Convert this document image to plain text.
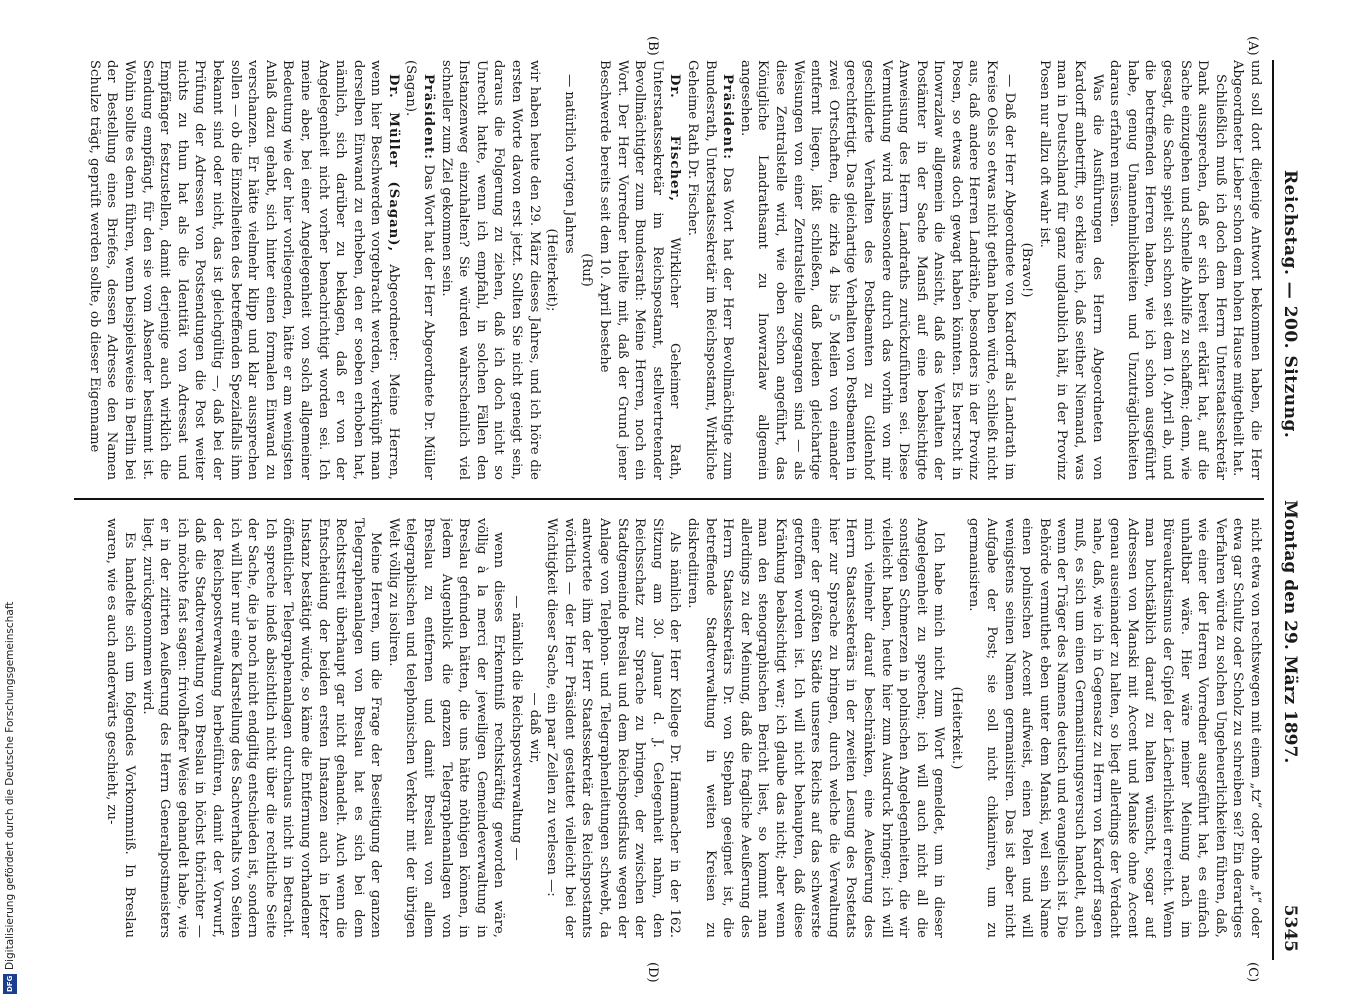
Digitalisierung gefördert durch die Deutsche Forschungsgemeinschaft
DFG
Reichstag. — 200. Sitzung.
Montag den 29. März 1897.
5345
(A)
(B)
(C)
(D)

und soll dort diejenige Antwort bekommen haben, die Herr Abgeordneter Lieber schon dem hohen Hause mitgetheilt hat.

Schließlich muß ich doch dem Herrn Unterstaatssekretär Dank aussprechen, daß er sich bereit erklärt hat, auf die Sache einzugehen und schnelle Abhilfe zu schaffen; denn, wie gesagt, die Sache spielt sich schon seit dem 10. April ab, und die betreffenden Herren haben, wie ich schon ausgeführt habe, genug Unannehmlichkeiten und Unzuträglichkeiten daraus erfahren müssen.

Was die Ausführungen des Herrn Abgeordneten von Kardorff anbetrifft, so erkläre ich, daß seither Niemand, was man in Deutschland für ganz unglaublich hält, in der Provinz Posen nur allzu oft wahr ist.

(Bravo!)

— Daß der Herr Abgeordnete von Kardorff als Landrath im Kreise Oels so etwas nicht gethan haben würde, schließt nicht aus, daß andere Herren Landräthe, besonders in der Provinz Posen, so etwas doch gewagt haben könnten. Es herrscht in Inowrazlaw allgemein die Ansicht, daß das Verhalten der Postämter in der Sache Mansfi auf eine beabsichtigte Anweisung des Herrn Landraths zurückzuführen sei. Diese Vermuthung wird insbesondere durch das vorhin von mir geschilderte Verhalten des Postbeamten zu Gildenhof gerechtfertigt. Das gleichartige Verhalten von Postbeamten in zwei Ortschaften, die zirka 4 bis 5 Meilen von einander entfernt liegen, läßt schließen, daß beiden gleichartige Weisungen von einer Zentralstelle zugegangen sind — als diese Zentralstelle wird, wie oben schon angeführt, das Königliche Landrathsamt zu Inowrazlaw allgemein angesehen.

Präsident: Das Wort hat der Herr Bevollmächtigte zum Bundesrath, Unterstaatssekretär im Reichspostamt, Wirkliche Geheime Rath Dr. Fischer.

Dr. Fischer, Wirklicher Geheimer Rath, Unterstaatssekretär im Reichspostamt, stellvertretender Bevollmächtigter zum Bundesrath: Meine Herren, noch ein Wort. Der Herr Vorredner theilte mit, daß der Grund jener Beschwerde bereits seit dem 10. April bestehe

(Ruf)

— natürlich vorigen Jahres

(Heiterkeit);

wir haben heute den 29. März dieses Jahres, und ich höre die ersten Worte davon erst jetzt. Sollten Sie nicht geneigt sein, daraus die Folgerung zu ziehen, daß ich doch nicht so Unrecht hatte, wenn ich empfahl, in solchen Fällen den Instanzenweg einzuhalten? Sie würden wahrscheinlich viel schneller zum Ziel gekommen sein.

Präsident: Das Wort hat der Herr Abgeordnete Dr. Müller (Sagan).

Dr. Müller (Sagan), Abgeordneter: Meine Herren, wenn hier Beschwerden vorgebracht werden, verknüpft man derselben Einwand zu erheben, den er soeben erhoben hat, nämlich, sich darüber zu beklagen, daß er von der Angelegenheit nicht vorher benachrichtigt worden sei. Ich meine aber, bei einer Angelegenheit von solch allgemeiner Bedeutung wie der hier vorliegenden, hätte er am wenigsten Anlaß dazu gehabt, sich hinter einen formalen Einwand zu verschanzen. Er hätte vielmehr klipp und klar aussprechen sollen — ob die Einzelheiten des betreffenden Spezialfalls ihm bekannt sind oder nicht, das ist gleichgültig —, daß bei der Prüfung der Adressen von Postsendungen die Post weiter nichts zu thun hat als die Identität von Adressat und Empfänger festzustellen, damit derjenige auch wirklich die Sendung empfängt, für den sie vom Absender bestimmt ist. Wohin sollte es denn führen, wenn beispielsweise in Berlin bei der Bestellung eines Briefes, dessen Adresse den Namen Schulze trägt, geprüft werden sollte, ob dieser Eigenname

nicht etwa von rechtswegen mit einem „tz“ oder ohne „t“ oder etwa gar Schultz oder Scholz zu schreiben sei? Ein derartiges Verfahren würde zu solchen Ungeheuerlichkeiten führen, daß, wie einer der Herren Vorredner ausgeführt hat, es einfach unhaltbar wäre. Hier wäre meiner Meinung nach im Büreaukratismus der Gipfel der Lächerlichkeit erreicht. Wenn man buchstäblich darauf zu halten wünscht, sogar auf Adressen von Manski mit Accent und Manske ohne Accent genau auseinander zu halten, so liegt allerdings der Verdacht nahe, daß, wie ich in Gegensatz zu Herrn von Kardorff sagen muß, es sich um einen Germanisirungsversuch handelt, auch wenn der Träger des Namens deutsch und evangelisch ist. Die Behörde vermuthet eben unter dem Manski, weil sein Name einen polnischen Accent aufweist, einen Polen und will wenigstens seinen Namen germanisiren. Das ist aber nicht Aufgabe der Post; sie soll nicht chikaniren, um zu germanisiren.

(Heiterkeit.)

Ich habe mich nicht zum Wort gemeldet, um in dieser Angelegenheit zu sprechen; ich will auch nicht all die sonstigen Schmerzen in polnischen Angelegenheiten, die wir vielleicht haben, heute hier zum Ausdruck bringen; ich will mich vielmehr darauf beschränken, eine Aeußerung des Herrn Staatssekretärs in der zweiten Lesung des Postetats hier zur Sprache zu bringen, durch welche die Verwaltung einer der größten Städte unseres Reichs auf das schwerste getroffen worden ist. Ich will nicht behaupten, daß diese Kränkung beabsichtigt war; ich glaube das nicht; aber wenn man den stenographischen Bericht liest, so kommt man allerdings zu der Meinung, daß die fragliche Aeußerung des Herrn Staatssekretärs Dr. von Stephan geeignet ist, die betreffende Stadtverwaltung in weiten Kreisen zu diskreditiren.

Als nämlich der Herr Kollege Dr. Hammacher in der 162. Sitzung am 30. Januar d. J. Gelegenheit nahm, den Reichsschatz zur Sprache zu bringen, der zwischen der Stadtgemeinde Breslau und dem Reichspostfiskus wegen der Anlage von Telephon- und Telegraphenleitungen schwebt, da antwortete ihm der Herr Staatssekretär des Reichspostamts wörtlich — der Herr Präsident gestattet vielleicht bei der Wichtigkeit dieser Sache, ein paar Zeilen zu verlesen —:

— daß wir,

— nämlich die Reichspostverwaltung —

wenn dieses Erkenntniß rechtskräftig geworden wäre, völlig à la merci der jeweiligen Gemeindeverwaltung in Breslau gefunden hätten, die uns hätte nöthigen können, in jedem Augenblick die ganzen Telegraphenanlagen von Breslau zu entfernen und damit Breslau von allem telegraphischen und telephonischen Verkehr mit der übrigen Welt völlig zu isoliren.

Meine Herren, um die Frage der Beseitigung der ganzen Telegraphenanlagen von Breslau hat es sich bei dem Rechtsstreit überhaupt gar nicht gehandelt. Auch wenn die Entscheidung der beiden ersten Instanzen auch in letzter Instanz bestätigt würde, so käme die Entfernung vorhandener öffentlicher Telegraphenanlagen durchaus nicht in Betracht. Ich spreche indeß absichtlich nicht über die rechtliche Seite der Sache, die ja noch nicht endgiltig entschieden ist, sondern ich will hier nur eine Klarstellung des Sachverhalts von Seiten der Reichspostverwaltung herbeiführen, damit der Vorwurf, daß die Stadtverwaltung von Breslau in höchst thörichter — ich möchte fast sagen: frivolhafter Weise gehandelt habe, wie er in der zitirten Aeußerung des Herrn Generalpostmeisters liegt, zurückgenommen wird.

Es handelte sich um folgendes Vorkommniß. In Breslau waren, wie es auch anderwärts geschieht, zu-
